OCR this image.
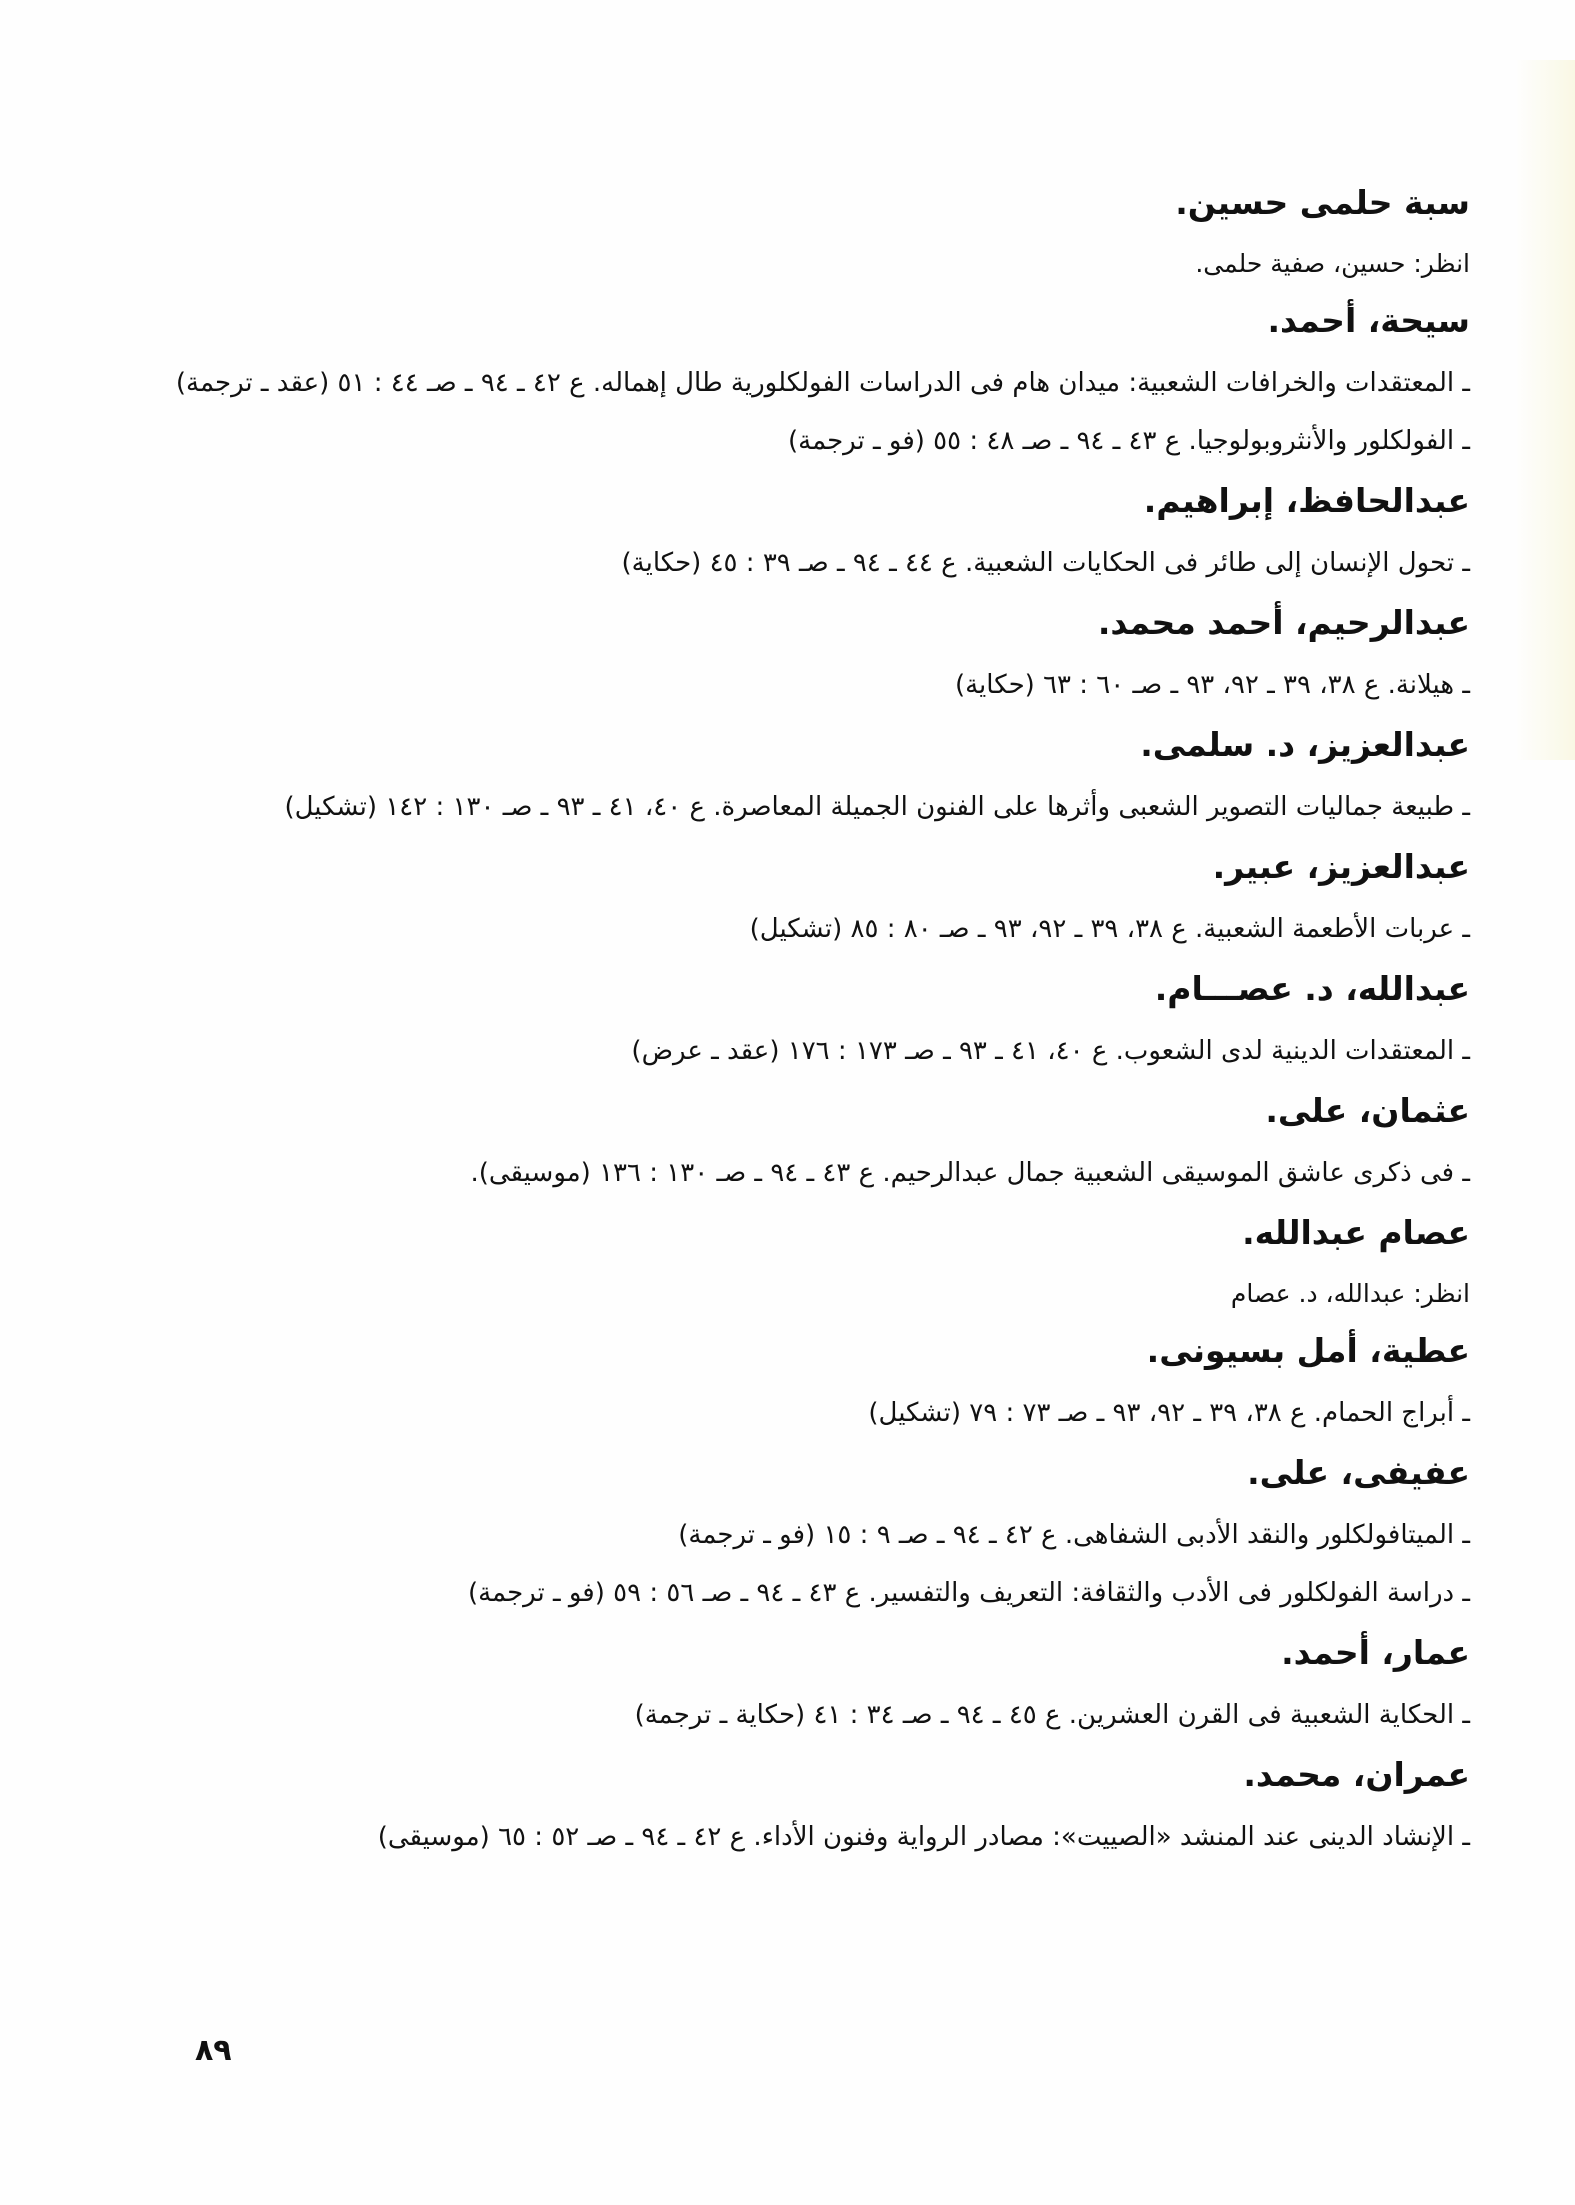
سبة حلمى حسين.
انظر: حسين، صفية حلمى.
سيحة، أحمد.
ـ المعتقدات والخرافات الشعبية: ميدان هام فى الدراسات الفولكلورية طال إهماله. ع ٤٢ ـ ٩٤ ـ صـ ٤٤ : ٥١ (عقد ـ ترجمة)
ـ الفولكلور والأنثروبولوجيا. ع ٤٣ ـ ٩٤ ـ صـ ٤٨ : ٥٥ (فو ـ ترجمة)
عبدالحافظ، إبراهيم.
ـ تحول الإنسان إلى طائر فى الحكايات الشعبية. ع ٤٤ ـ ٩٤ ـ صـ ٣٩ : ٤٥ (حكاية)
عبدالرحيم، أحمد محمد.
ـ هيلانة. ع ٣٨، ٣٩ ـ ٩٢، ٩٣ ـ صـ ٦٠ : ٦٣ (حكاية)
عبدالعزيز، د. سلمى.
ـ طبيعة جماليات التصوير الشعبى وأثرها على الفنون الجميلة المعاصرة. ع ٤٠، ٤١ ـ ٩٣ ـ صـ ١٣٠ : ١٤٢ (تشكيل)
عبدالعزيز، عبير.
ـ عربات الأطعمة الشعبية. ع ٣٨، ٣٩ ـ ٩٢، ٩٣ ـ صـ ٨٠ : ٨٥ (تشكيل)
عبدالله، د. عصـــام.
ـ المعتقدات الدينية لدى الشعوب. ع ٤٠، ٤١ ـ ٩٣ ـ صـ ١٧٣ : ١٧٦ (عقد ـ عرض)
عثمان، على.
ـ فى ذكرى عاشق الموسيقى الشعبية جمال عبدالرحيم. ع ٤٣ ـ ٩٤ ـ صـ ١٣٠ : ١٣٦ (موسيقى).
عصام عبدالله.
انظر: عبدالله، د. عصام
عطية، أمل بسيونى.
ـ أبراج الحمام. ع ٣٨، ٣٩ ـ ٩٢، ٩٣ ـ صـ ٧٣ : ٧٩ (تشكيل)
عفيفى، على.
ـ الميتافولكلور والنقد الأدبى الشفاهى. ع ٤٢ ـ ٩٤ ـ صـ ٩ : ١٥ (فو ـ ترجمة)
ـ دراسة الفولكلور فى الأدب والثقافة: التعريف والتفسير. ع ٤٣ ـ ٩٤ ـ صـ ٥٦ : ٥٩ (فو ـ ترجمة)
عمار، أحمد.
ـ الحكاية الشعبية فى القرن العشرين. ع ٤٥ ـ ٩٤ ـ صـ ٣٤ : ٤١ (حكاية ـ ترجمة)
عمران، محمد.
ـ الإنشاد الدينى عند المنشد «الصييت»: مصادر الرواية وفنون الأداء. ع ٤٢ ـ ٩٤ ـ صـ ٥٢ : ٦٥ (موسيقى)
٨٩
